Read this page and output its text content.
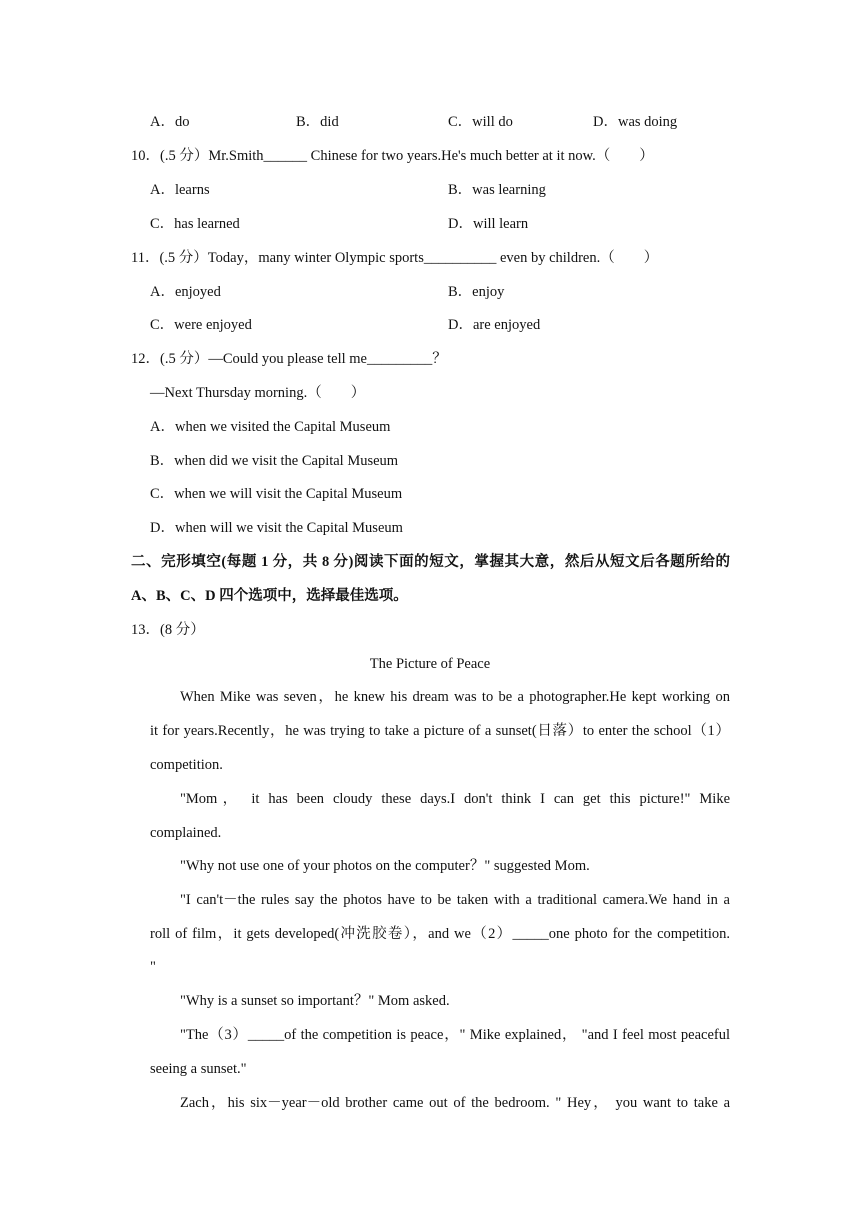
A．do	B．did	C．will do	D．was doing
10．(.5 分）Mr.Smith______ Chinese for two years.He's much better at it now.（　　）
A．learns	B．was learning
C．has learned	D．will learn
11．(.5 分）Today，many winter Olympic sports__________ even by children.（　　）
A．enjoyed	B．enjoy
C．were enjoyed	D．are enjoyed
12．(.5 分）—Could you please tell me_________？
—Next Thursday morning.（　　）
A．when we visited the Capital Museum
B．when did we visit the Capital Museum
C．when we will visit the Capital Museum
D．when will we visit the Capital Museum
二、完形填空(每题 1 分，共 8 分)阅读下面的短文，掌握其大意，然后从短文后各题所给的
A、B、C、D 四个选项中，选择最佳选项。
13．(8 分）
The Picture of Peace
When Mike was seven，he knew his dream was to be a photographer.He kept working on
it for years.Recently，he was trying to take a picture of a sunset(日落）to enter the school（1）
competition.
"Mom， it has been cloudy these days.I don't think I can get this picture!" Mike
complained.
"Why not use one of your photos on the computer？" suggested Mom.
"I can't－the rules say the photos have to be taken with a traditional camera.We hand in a
roll of film，it gets developed(冲洗胶卷），and we（2）_____one photo for the competition.
"
"Why is a sunset so important？" Mom asked.
"The（3）_____of the competition is peace，" Mike explained， "and I feel most peaceful
seeing a sunset."
Zach，his six－year－old brother came out of the bedroom. " Hey， you want to take a
